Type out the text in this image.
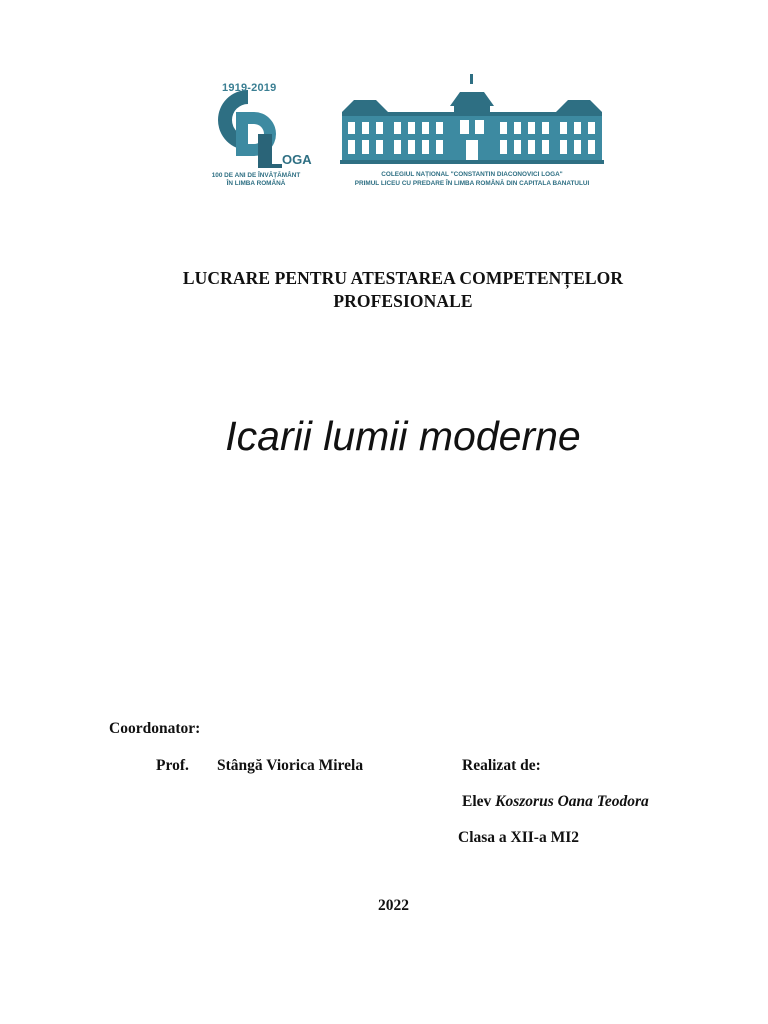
1919-2019
OGA
100 DE ANI DE ÎNVĂȚĂMÂNT
ÎN LIMBA ROMÂNĂ
COLEGIUL NAȚIONAL "CONSTANTIN DIACONOVICI LOGA"
PRIMUL LICEU CU PREDARE ÎN LIMBA ROMÂNĂ DIN CAPITALA BANATULUI
LUCRARE PENTRU ATESTAREA COMPETENȚELOR
PROFESIONALE
Icarii lumii moderne
Coordonator:
Prof. Stângă Viorica Mirela	Realizat de:
Elev Koszorus Oana Teodora
Clasa a XII-a MI2
2022
